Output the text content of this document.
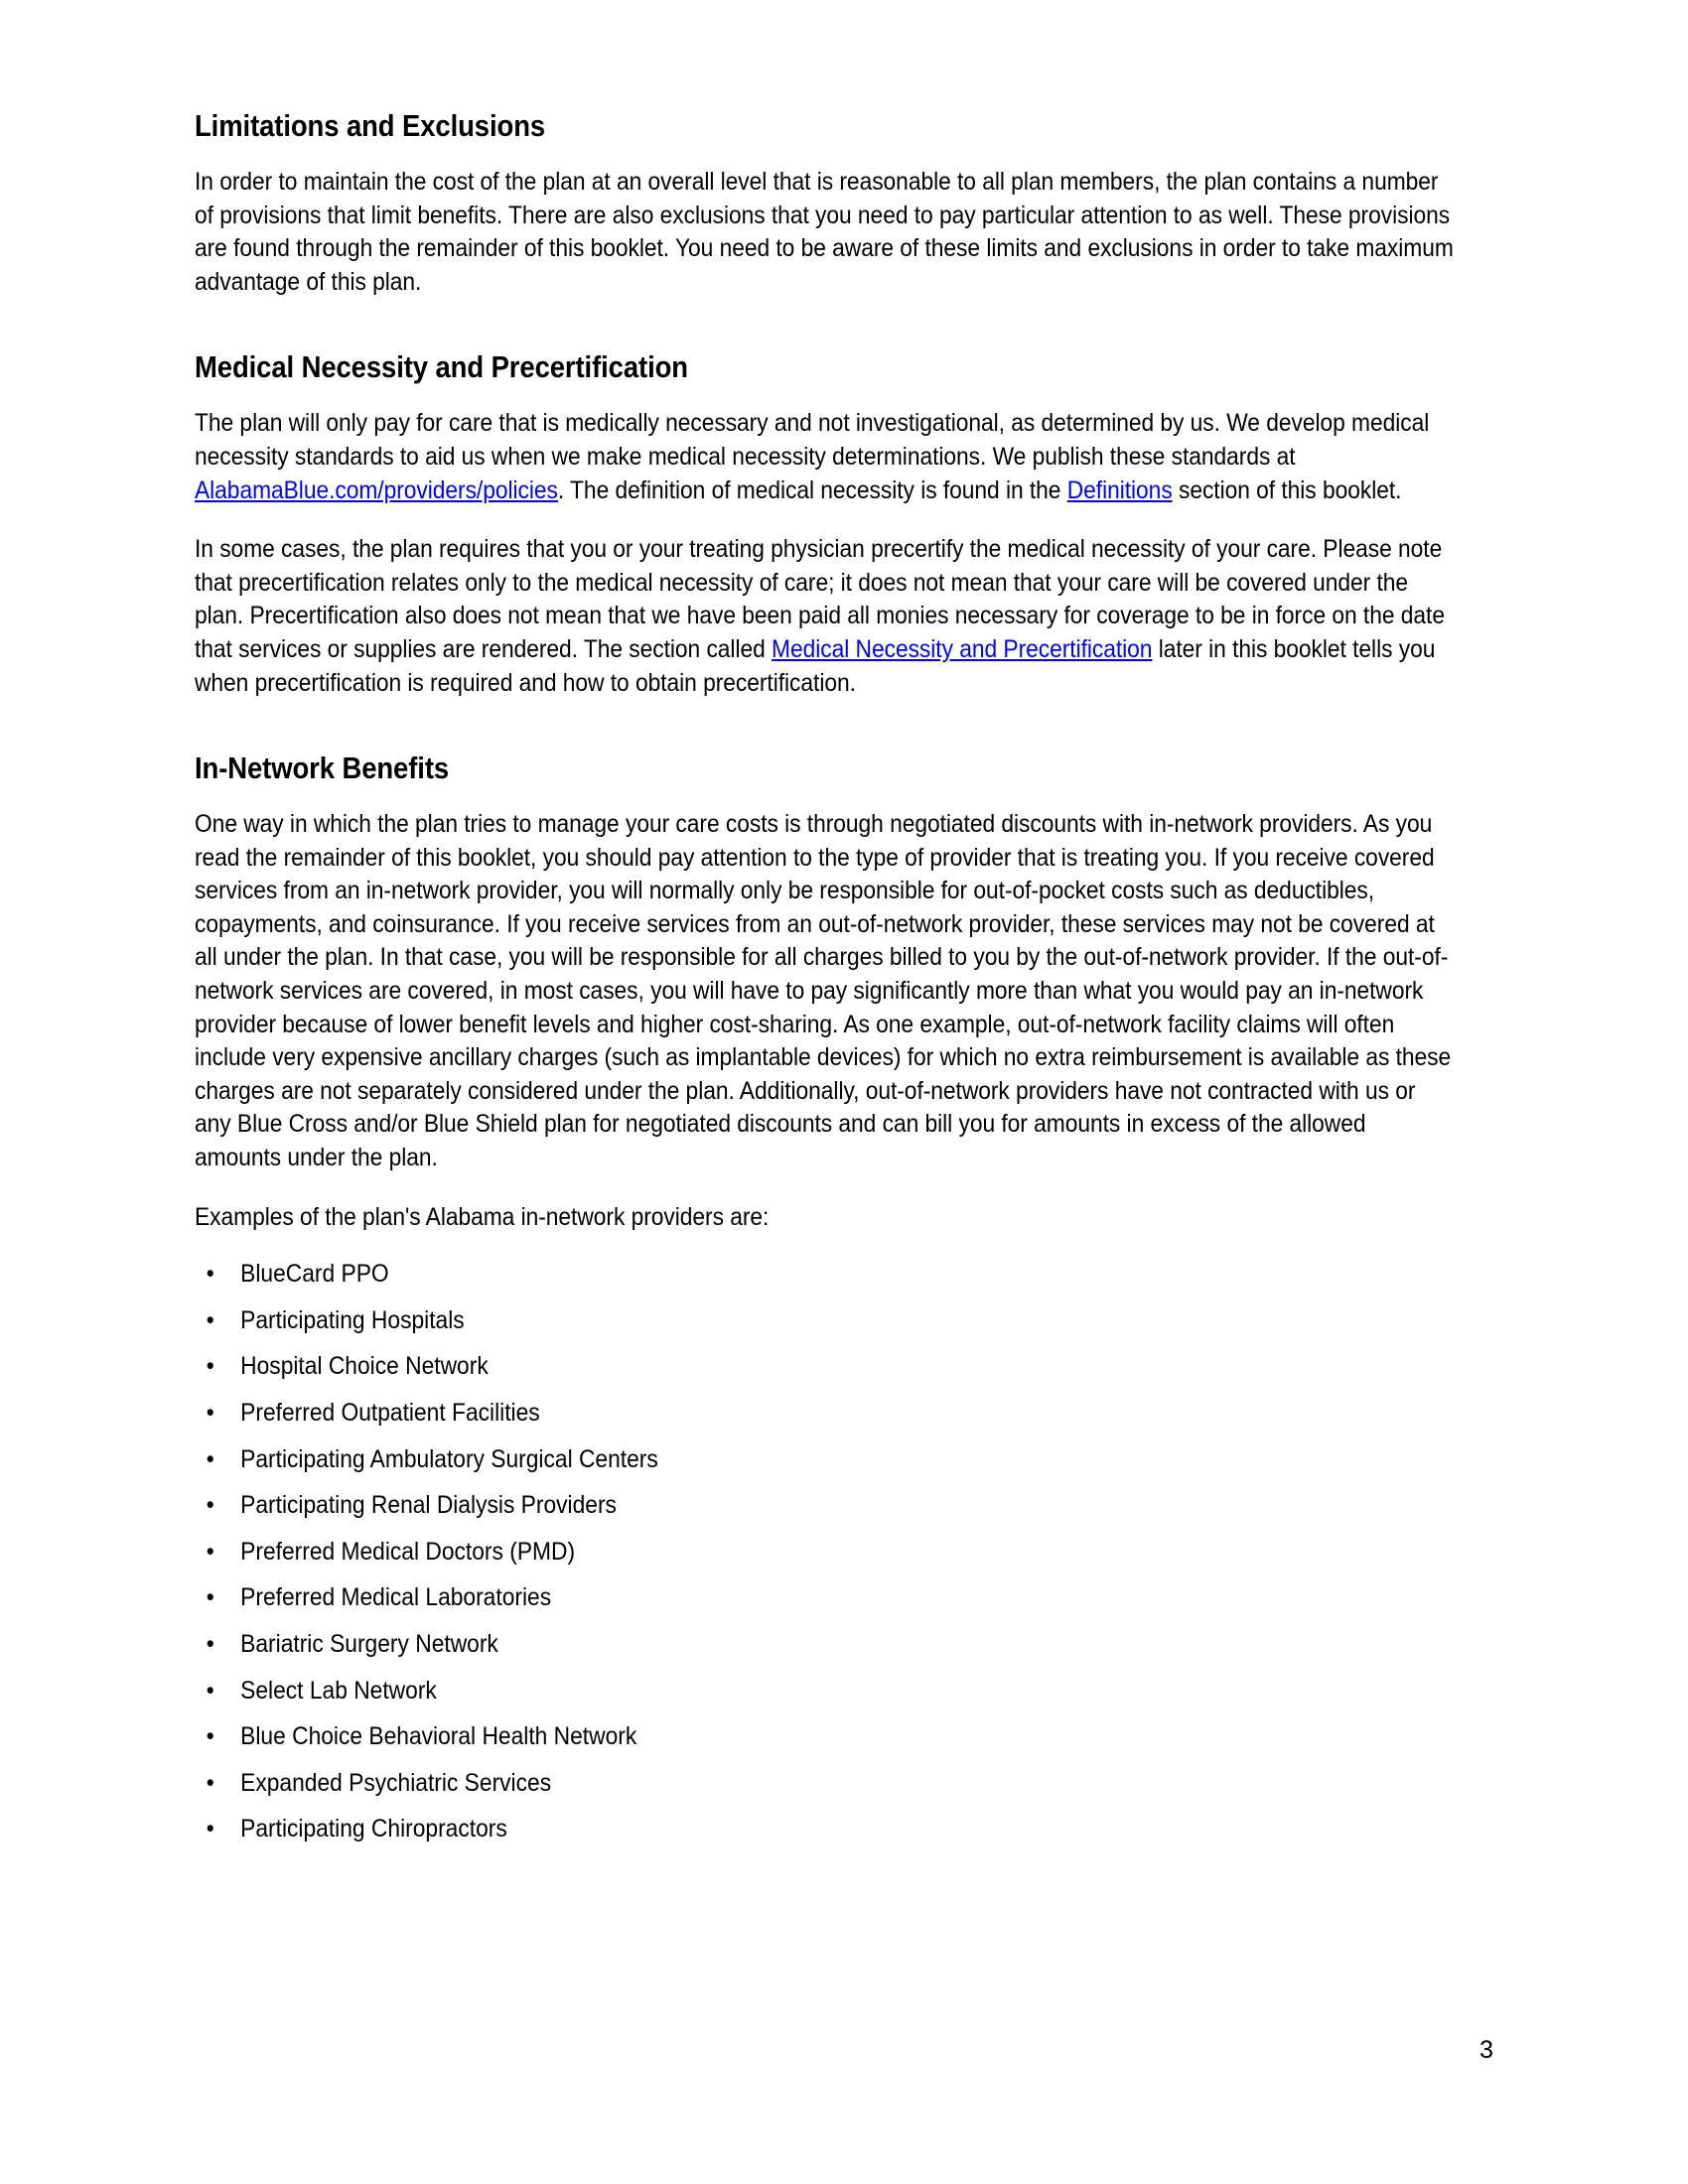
Limitations and Exclusions

In order to maintain the cost of the plan at an overall level that is reasonable to all plan members, the plan contains a number of provisions that limit benefits. There are also exclusions that you need to pay particular attention to as well. These provisions are found through the remainder of this booklet. You need to be aware of these limits and exclusions in order to take maximum advantage of this plan.

Medical Necessity and Precertification

The plan will only pay for care that is medically necessary and not investigational, as determined by us. We develop medical necessity standards to aid us when we make medical necessity determinations. We publish these standards at AlabamaBlue.com/providers/policies. The definition of medical necessity is found in the Definitions section of this booklet.

In some cases, the plan requires that you or your treating physician precertify the medical necessity of your care. Please note that precertification relates only to the medical necessity of care; it does not mean that your care will be covered under the plan. Precertification also does not mean that we have been paid all monies necessary for coverage to be in force on the date that services or supplies are rendered. The section called Medical Necessity and Precertification later in this booklet tells you when precertification is required and how to obtain precertification.

In-Network Benefits

One way in which the plan tries to manage your care costs is through negotiated discounts with in-network providers. As you read the remainder of this booklet, you should pay attention to the type of provider that is treating you. If you receive covered services from an in-network provider, you will normally only be responsible for out-of-pocket costs such as deductibles, copayments, and coinsurance. If you receive services from an out-of-network provider, these services may not be covered at all under the plan. In that case, you will be responsible for all charges billed to you by the out-of-network provider. If the out-of-network services are covered, in most cases, you will have to pay significantly more than what you would pay an in-network provider because of lower benefit levels and higher cost-sharing. As one example, out-of-network facility claims will often include very expensive ancillary charges (such as implantable devices) for which no extra reimbursement is available as these charges are not separately considered under the plan. Additionally, out-of-network providers have not contracted with us or any Blue Cross and/or Blue Shield plan for negotiated discounts and can bill you for amounts in excess of the allowed amounts under the plan.

Examples of the plan's Alabama in-network providers are:

• BlueCard PPO
• Participating Hospitals
• Hospital Choice Network
• Preferred Outpatient Facilities
• Participating Ambulatory Surgical Centers
• Participating Renal Dialysis Providers
• Preferred Medical Doctors (PMD)
• Preferred Medical Laboratories
• Bariatric Surgery Network
• Select Lab Network
• Blue Choice Behavioral Health Network
• Expanded Psychiatric Services
• Participating Chiropractors
3
